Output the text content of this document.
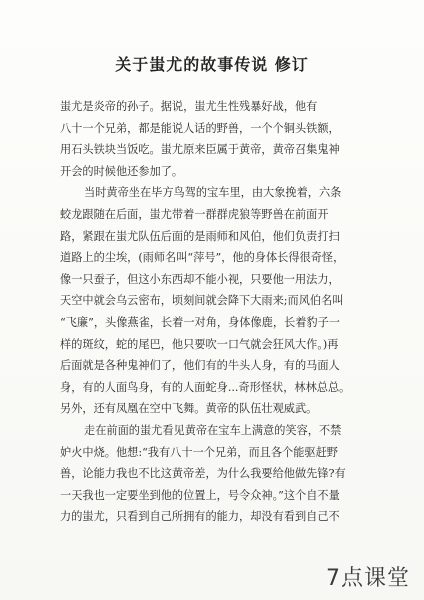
关于蚩尤的故事传说 修订
蚩尤是炎帝的孙子。据说，蚩尤生性残暴好战，他有
八十一个兄弟，都是能说人话的野兽，一个个铜头铁额，
用石头铁块当饭吃。蚩尤原来臣属于黄帝，黄帝召集鬼神
开会的时候他还参加了。
当时黄帝坐在毕方鸟驾的宝车里，由大象挽着，六条
蛟龙跟随在后面，蚩尤带着一群群虎狼等野兽在前面开
路，紧跟在蚩尤队伍后面的是雨师和风伯，他们负责打扫
道路上的尘埃，(雨师名叫“萍号”，他的身体长得很奇怪，
像一只蚕子，但这小东西却不能小视，只要他一用法力，
天空中就会乌云密布，顷刻间就会降下大雨来;而风伯名叫
“飞廉”，头像燕雀，长着一对角，身体像鹿，长着豹子一
样的斑纹，蛇的尾巴，他只要吹一口气就会狂风大作。)再
后面就是各种鬼神们了，他们有的牛头人身，有的马面人
身，有的人面鸟身，有的人面蛇身...奇形怪状，林林总总。
另外，还有凤凰在空中飞舞。黄帝的队伍壮观威武。
走在前面的蚩尤看见黄帝在宝车上满意的笑容，不禁
妒火中烧。他想:“我有八十一个兄弟，而且各个能驱赶野
兽，论能力我也不比这黄帝差，为什么我要给他做先锋?有
一天我也一定要坐到他的位置上，号令众神。”这个自不量
力的蚩尤，只看到自己所拥有的能力，却没有看到自己不
7点课堂
